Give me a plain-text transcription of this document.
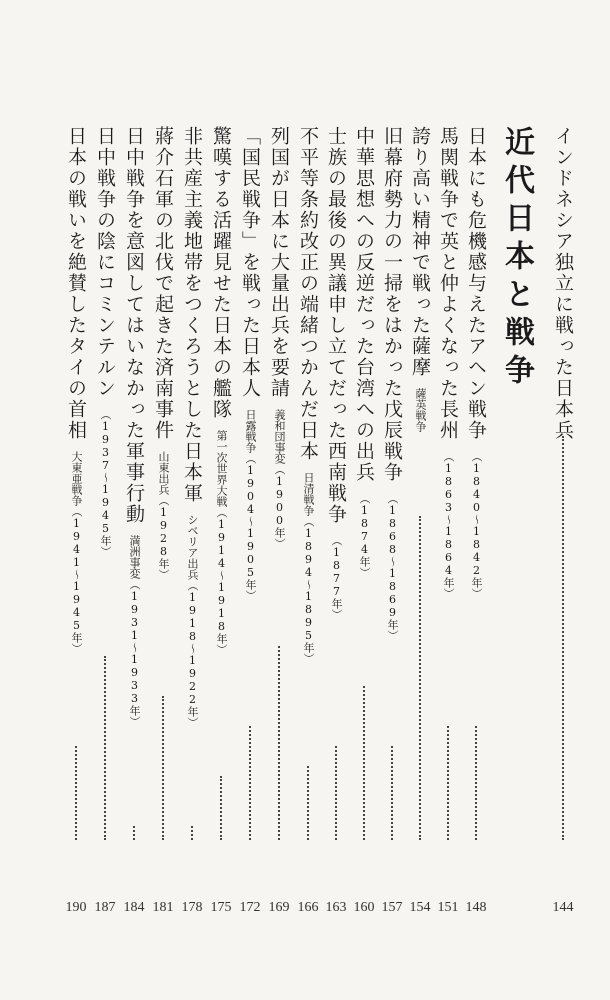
近代日本と戦争 インドネシア独立に戦った日本兵
144
日本にも危機感与えたアヘン戦争（1840〜1842年）
148
馬関戦争で英と仲よくなった長州（1863〜1864年）
151
誇り高い精神で戦った薩摩薩英戦争
154
旧幕府勢力の一掃をはかった戊辰戦争（1868〜1869年）
157
中華思想への反逆だった台湾への出兵（1874年）
160
士族の最後の異議申し立てだった西南戦争（1877年）
163
不平等条約改正の端緒つかんだ日本日清戦争（1894〜1895年）
166
列国が日本に大量出兵を要請義和団事変（1900年）
169
「国民戦争」を戦った日本人日露戦争（1904〜1905年）
172
驚嘆する活躍見せた日本の艦隊第一次世界大戦（1914〜1918年）
175
非共産主義地帯をつくろうとした日本軍シベリア出兵（1918〜1922年）
178
蔣介石軍の北伐で起きた済南事件山東出兵（1928年）
181
日中戦争を意図してはいなかった軍事行動満洲事変（1931〜1933年）
184
日中戦争の陰にコミンテルン（1937〜1945年）
187
日本の戦いを絶賛したタイの首相大東亜戦争（1941〜1945年）
190
